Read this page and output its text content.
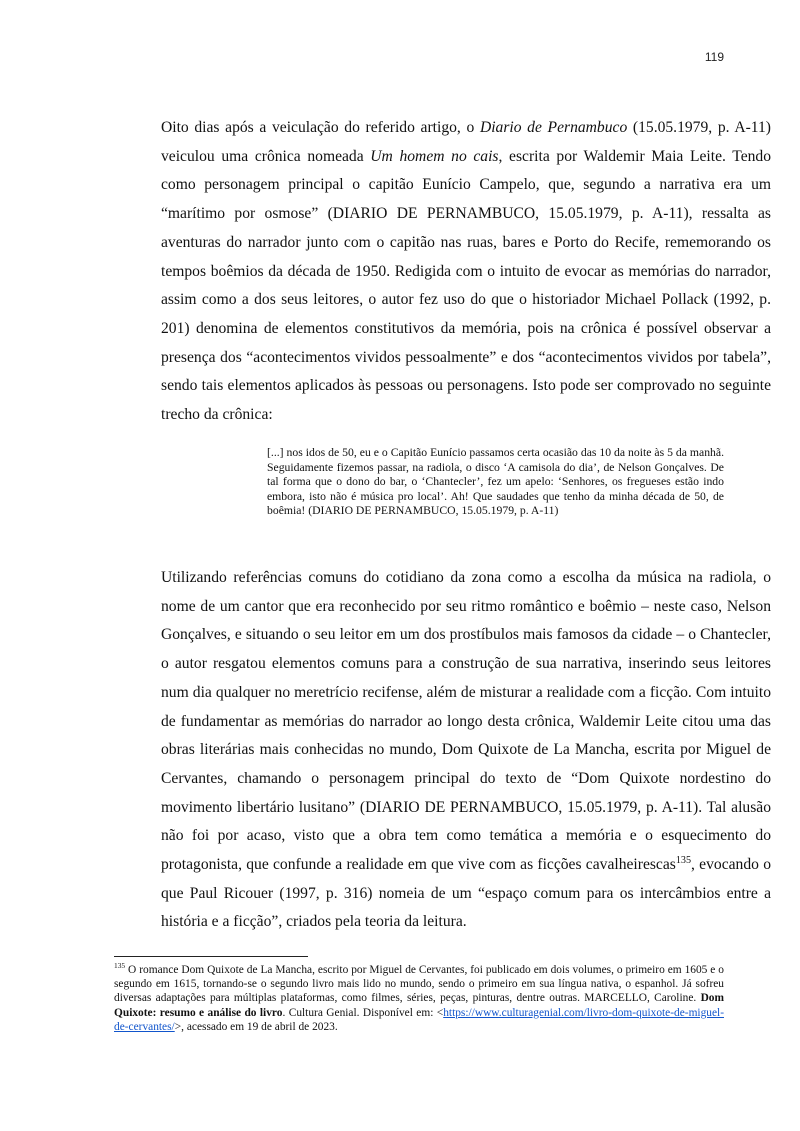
119

Oito dias após a veiculação do referido artigo, o Diario de Pernambuco (15.05.1979, p. A-11) veiculou uma crônica nomeada Um homem no cais, escrita por Waldemir Maia Leite. Tendo como personagem principal o capitão Eunício Campelo, que, segundo a narrativa era um “marítimo por osmose” (DIARIO DE PERNAMBUCO, 15.05.1979, p. A-11), ressalta as aventuras do narrador junto com o capitão nas ruas, bares e Porto do Recife, rememorando os tempos boêmios da década de 1950. Redigida com o intuito de evocar as memórias do narrador, assim como a dos seus leitores, o autor fez uso do que o historiador Michael Pollack (1992, p. 201) denomina de elementos constitutivos da memória, pois na crônica é possível observar a presença dos “acontecimentos vividos pessoalmente” e dos “acontecimentos vividos por tabela”, sendo tais elementos aplicados às pessoas ou personagens. Isto pode ser comprovado no seguinte trecho da crônica:

[...] nos idos de 50, eu e o Capitão Eunício passamos certa ocasião das 10 da noite às 5 da manhã. Seguidamente fizemos passar, na radiola, o disco ‘A camisola do dia’, de Nelson Gonçalves. De tal forma que o dono do bar, o ‘Chantecler’, fez um apelo: ‘Senhores, os fregueses estão indo embora, isto não é música pro local’. Ah! Que saudades que tenho da minha década de 50, de boêmia! (DIARIO DE PERNAMBUCO, 15.05.1979, p. A-11)

Utilizando referências comuns do cotidiano da zona como a escolha da música na radiola, o nome de um cantor que era reconhecido por seu ritmo romântico e boêmio – neste caso, Nelson Gonçalves, e situando o seu leitor em um dos prostíbulos mais famosos da cidade – o Chantecler, o autor resgatou elementos comuns para a construção de sua narrativa, inserindo seus leitores num dia qualquer no meretrício recifense, além de misturar a realidade com a ficção. Com intuito de fundamentar as memórias do narrador ao longo desta crônica, Waldemir Leite citou uma das obras literárias mais conhecidas no mundo, Dom Quixote de La Mancha, escrita por Miguel de Cervantes, chamando o personagem principal do texto de “Dom Quixote nordestino do movimento libertário lusitano” (DIARIO DE PERNAMBUCO, 15.05.1979, p. A-11). Tal alusão não foi por acaso, visto que a obra tem como temática a memória e o esquecimento do protagonista, que confunde a realidade em que vive com as ficções cavalheirescas$^{135}$, evocando o que Paul Ricouer (1997, p. 316) nomeia de um “espaço comum para os intercâmbios entre a história e a ficção”, criados pela teoria da leitura.

$^{135}$ O romance Dom Quixote de La Mancha, escrito por Miguel de Cervantes, foi publicado em dois volumes, o primeiro em 1605 e o segundo em 1615, tornando-se o segundo livro mais lido no mundo, sendo o primeiro em sua língua nativa, o espanhol. Já sofreu diversas adaptações para múltiplas plataformas, como filmes, séries, peças, pinturas, dentre outras. MARCELLO, Caroline. Dom Quixote: resumo e análise do livro. Cultura Genial. Disponível em: <https://www.culturagenial.com/livro-dom-quixote-de-miguel-de-cervantes/>, acessado em 19 de abril de 2023.
